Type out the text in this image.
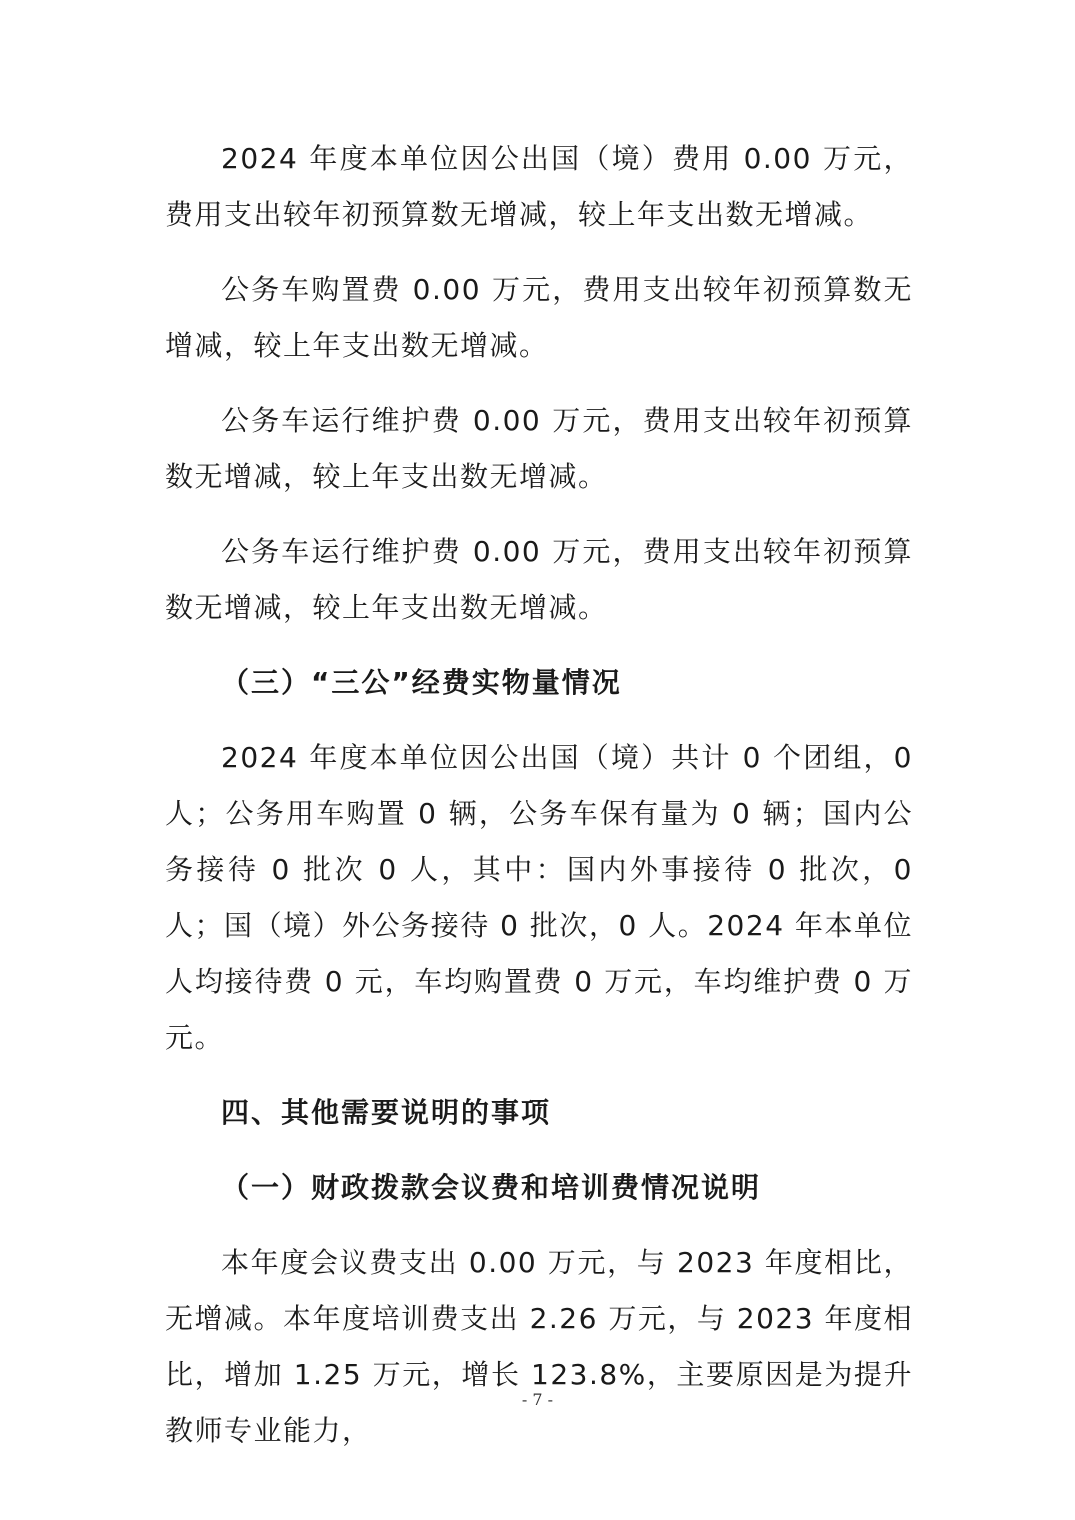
2024 年度本单位因公出国（境）费用 0.00 万元，费用支出较年初预算数无增减，较上年支出数无增减。

公务车购置费 0.00 万元，费用支出较年初预算数无增减，较上年支出数无增减。

公务车运行维护费 0.00 万元，费用支出较年初预算数无增减，较上年支出数无增减。

公务车运行维护费 0.00 万元，费用支出较年初预算数无增减，较上年支出数无增减。

（三）“三公”经费实物量情况

2024 年度本单位因公出国（境）共计 0 个团组，0 人；公务用车购置 0 辆，公务车保有量为 0 辆；国内公务接待 0 批次 0 人，其中：国内外事接待 0 批次，0 人；国（境）外公务接待 0 批次，0 人。2024 年本单位人均接待费 0 元，车均购置费 0 万元，车均维护费 0 万元。

四、其他需要说明的事项
（一）财政拨款会议费和培训费情况说明

本年度会议费支出 0.00 万元，与 2023 年度相比，无增减。本年度培训费支出 2.26 万元，与 2023 年度相比，增加 1.25 万元，增长 123.8%，主要原因是为提升教师专业能力，

- 7 -
